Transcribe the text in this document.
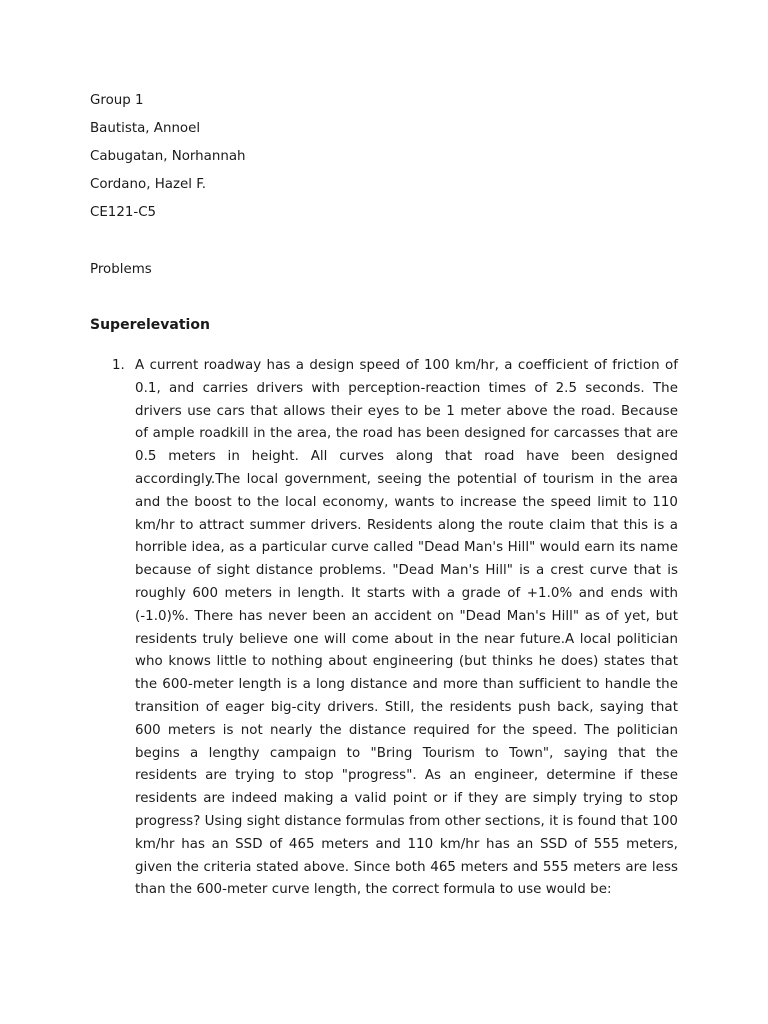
Group 1
Bautista, Annoel
Cabugatan, Norhannah
Cordano, Hazel F.
CE121-C5
Problems
Superelevation
1. A current roadway has a design speed of 100 km/hr, a coefficient of friction of 0.1, and carries drivers with perception-reaction times of 2.5 seconds. The drivers use cars that allows their eyes to be 1 meter above the road. Because of ample roadkill in the area, the road has been designed for carcasses that are 0.5 meters in height. All curves along that road have been designed accordingly.The local government, seeing the potential of tourism in the area and the boost to the local economy, wants to increase the speed limit to 110 km/hr to attract summer drivers. Residents along the route claim that this is a horrible idea, as a particular curve called "Dead Man's Hill" would earn its name because of sight distance problems. "Dead Man's Hill" is a crest curve that is roughly 600 meters in length. It starts with a grade of +1.0% and ends with (-1.0)%. There has never been an accident on "Dead Man's Hill" as of yet, but residents truly believe one will come about in the near future.A local politician who knows little to nothing about engineering (but thinks he does) states that the 600-meter length is a long distance and more than sufficient to handle the transition of eager big-city drivers. Still, the residents push back, saying that 600 meters is not nearly the distance required for the speed. The politician begins a lengthy campaign to "Bring Tourism to Town", saying that the residents are trying to stop "progress". As an engineer, determine if these residents are indeed making a valid point or if they are simply trying to stop progress? Using sight distance formulas from other sections, it is found that 100 km/hr has an SSD of 465 meters and 110 km/hr has an SSD of 555 meters, given the criteria stated above. Since both 465 meters and 555 meters are less than the 600-meter curve length, the correct formula to use would be:
